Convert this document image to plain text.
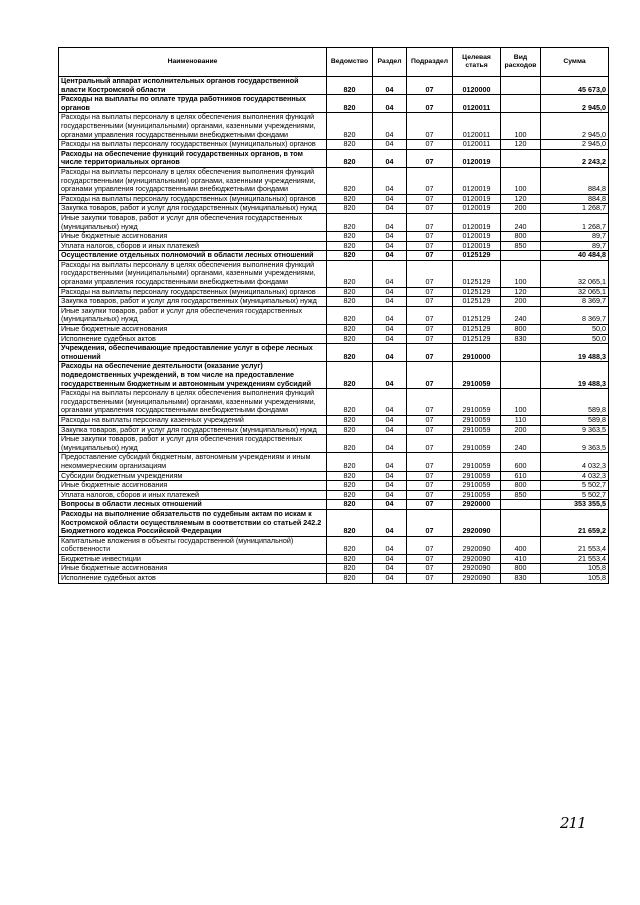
Наименование	Ведомство	Раздел	Подраздел	Целевая статья	Вид расходов	Сумма
Центральный аппарат исполнительных органов государственной власти Костромской области	820	04	07	0120000		45 673,0
Расходы на выплаты по оплате труда работников государственных органов	820	04	07	0120011		2 945,0
Расходы на выплаты персоналу в целях обеспечения выполнения функций государственными (муниципальными) органами, казенными учреждениями, органами управления государственными внебюджетными фондами	820	04	07	0120011	100	2 945,0
Расходы на выплаты персоналу государственных (муниципальных) органов	820	04	07	0120011	120	2 945,0
Расходы на обеспечение функций государственных органов, в том числе территориальных органов	820	04	07	0120019		2 243,2
Расходы на выплаты персоналу в целях обеспечения выполнения функций государственными (муниципальными) органами, казенными учреждениями, органами управления государственными внебюджетными фондами	820	04	07	0120019	100	884,8
Расходы на выплаты персоналу государственных (муниципальных) органов	820	04	07	0120019	120	884,8
Закупка товаров, работ и услуг для государственных (муниципальных) нужд	820	04	07	0120019	200	1 268,7
Иные закупки товаров, работ и услуг для обеспечения государственных (муниципальных) нужд	820	04	07	0120019	240	1 268,7
Иные бюджетные ассигнования	820	04	07	0120019	800	89,7
Уплата налогов, сборов и иных платежей	820	04	07	0120019	850	89,7
Осуществление отдельных полномочий в области лесных отношений	820	04	07	0125129		40 484,8
Расходы на выплаты персоналу в целях обеспечения выполнения функций государственными (муниципальными) органами, казенными учреждениями, органами управления государственными внебюджетными фондами	820	04	07	0125129	100	32 065,1
Расходы на выплаты персоналу государственных (муниципальных) органов	820	04	07	0125129	120	32 065,1
Закупка товаров, работ и услуг для государственных (муниципальных) нужд	820	04	07	0125129	200	8 369,7
Иные закупки товаров, работ и услуг для обеспечения государственных (муниципальных) нужд	820	04	07	0125129	240	8 369,7
Иные бюджетные ассигнования	820	04	07	0125129	800	50,0
Исполнение судебных актов	820	04	07	0125129	830	50,0
Учреждения, обеспечивающие предоставление услуг в сфере лесных отношений	820	04	07	2910000		19 488,3
Расходы на обеспечение деятельности (оказание услуг) подведомственных учреждений, в том числе на предоставление государственным бюджетным и автономным учреждениям субсидий	820	04	07	2910059		19 488,3
Расходы на выплаты персоналу в целях обеспечения выполнения функций государственными (муниципальными) органами, казенными учреждениями, органами управления государственными внебюджетными фондами	820	04	07	2910059	100	589,8
Расходы на выплаты персоналу казенных учреждений	820	04	07	2910059	110	589,8
Закупка товаров, работ и услуг для государственных (муниципальных) нужд	820	04	07	2910059	200	9 363,5
Иные закупки товаров, работ и услуг для обеспечения государственных (муниципальных) нужд	820	04	07	2910059	240	9 363,5
Предоставление субсидий бюджетным, автономным учреждениям и иным некоммерческим организациям	820	04	07	2910059	600	4 032,3
Субсидии бюджетным учреждениям	820	04	07	2910059	610	4 032,3
Иные бюджетные ассигнования	820	04	07	2910059	800	5 502,7
Уплата налогов, сборов и иных платежей	820	04	07	2910059	850	5 502,7
Вопросы в области лесных отношений	820	04	07	2920000		353 355,5
Расходы на выполнение обязательств по судебным актам по искам к Костромской области осуществляемым в соответствии со статьей 242.2 Бюджетного кодекса Российской Федерации	820	04	07	2920090		21 659,2
Капитальные вложения в объекты государственной (муниципальной) собственности	820	04	07	2920090	400	21 553,4
Бюджетные инвестиции	820	04	07	2920090	410	21 553,4
Иные бюджетные ассигнования	820	04	07	2920090	800	105,8
Исполнение судебных актов	820	04	07	2920090	830	105,8
211
